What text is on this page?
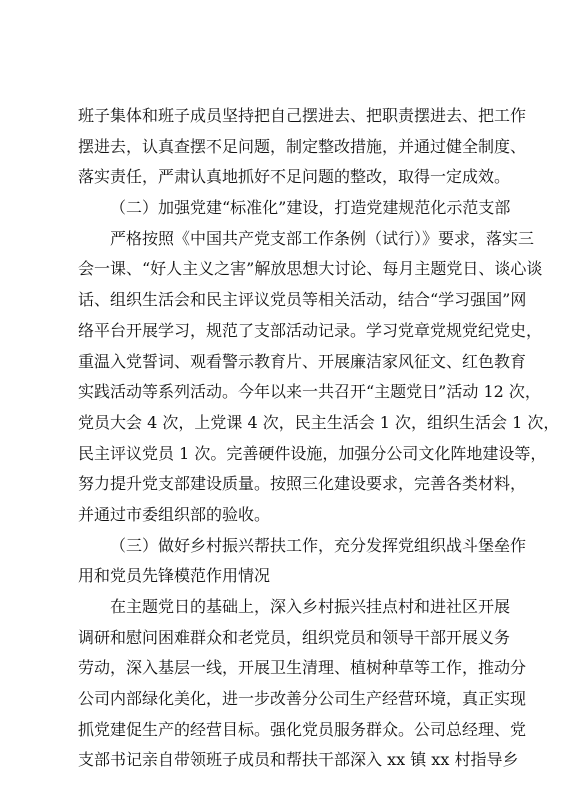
班子集体和班子成员坚持把自己摆进去、把职责摆进去、把工作
摆进去，认真查摆不足问题，制定整改措施，并通过健全制度、
落实责任，严肃认真地抓好不足问题的整改，取得一定成效。
（二）加强党建“标准化”建设，打造党建规范化示范支部
严格按照《中国共产党支部工作条例（试行）》要求，落实三
会一课、“好人主义之害”解放思想大讨论、每月主题党日、谈心谈
话、组织生活会和民主评议党员等相关活动，结合“学习强国”网
络平台开展学习，规范了支部活动记录。学习党章党规党纪党史，
重温入党誓词、观看警示教育片、开展廉洁家风征文、红色教育
实践活动等系列活动。今年以来一共召开“主题党日”活动 12 次，
党员大会 4 次，上党课 4 次，民主生活会 1 次，组织生活会 1 次，
民主评议党员 1 次。完善硬件设施，加强分公司文化阵地建设等，
努力提升党支部建设质量。按照三化建设要求，完善各类材料，
并通过市委组织部的验收。
（三）做好乡村振兴帮扶工作，充分发挥党组织战斗堡垒作
用和党员先锋模范作用情况
在主题党日的基础上，深入乡村振兴挂点村和进社区开展
调研和慰问困难群众和老党员，组织党员和领导干部开展义务
劳动，深入基层一线，开展卫生清理、植树种草等工作，推动分
公司内部绿化美化，进一步改善分公司生产经营环境，真正实现
抓党建促生产的经营目标。强化党员服务群众。公司总经理、党
支部书记亲自带领班子成员和帮扶干部深入 xx 镇 xx 村指导乡
